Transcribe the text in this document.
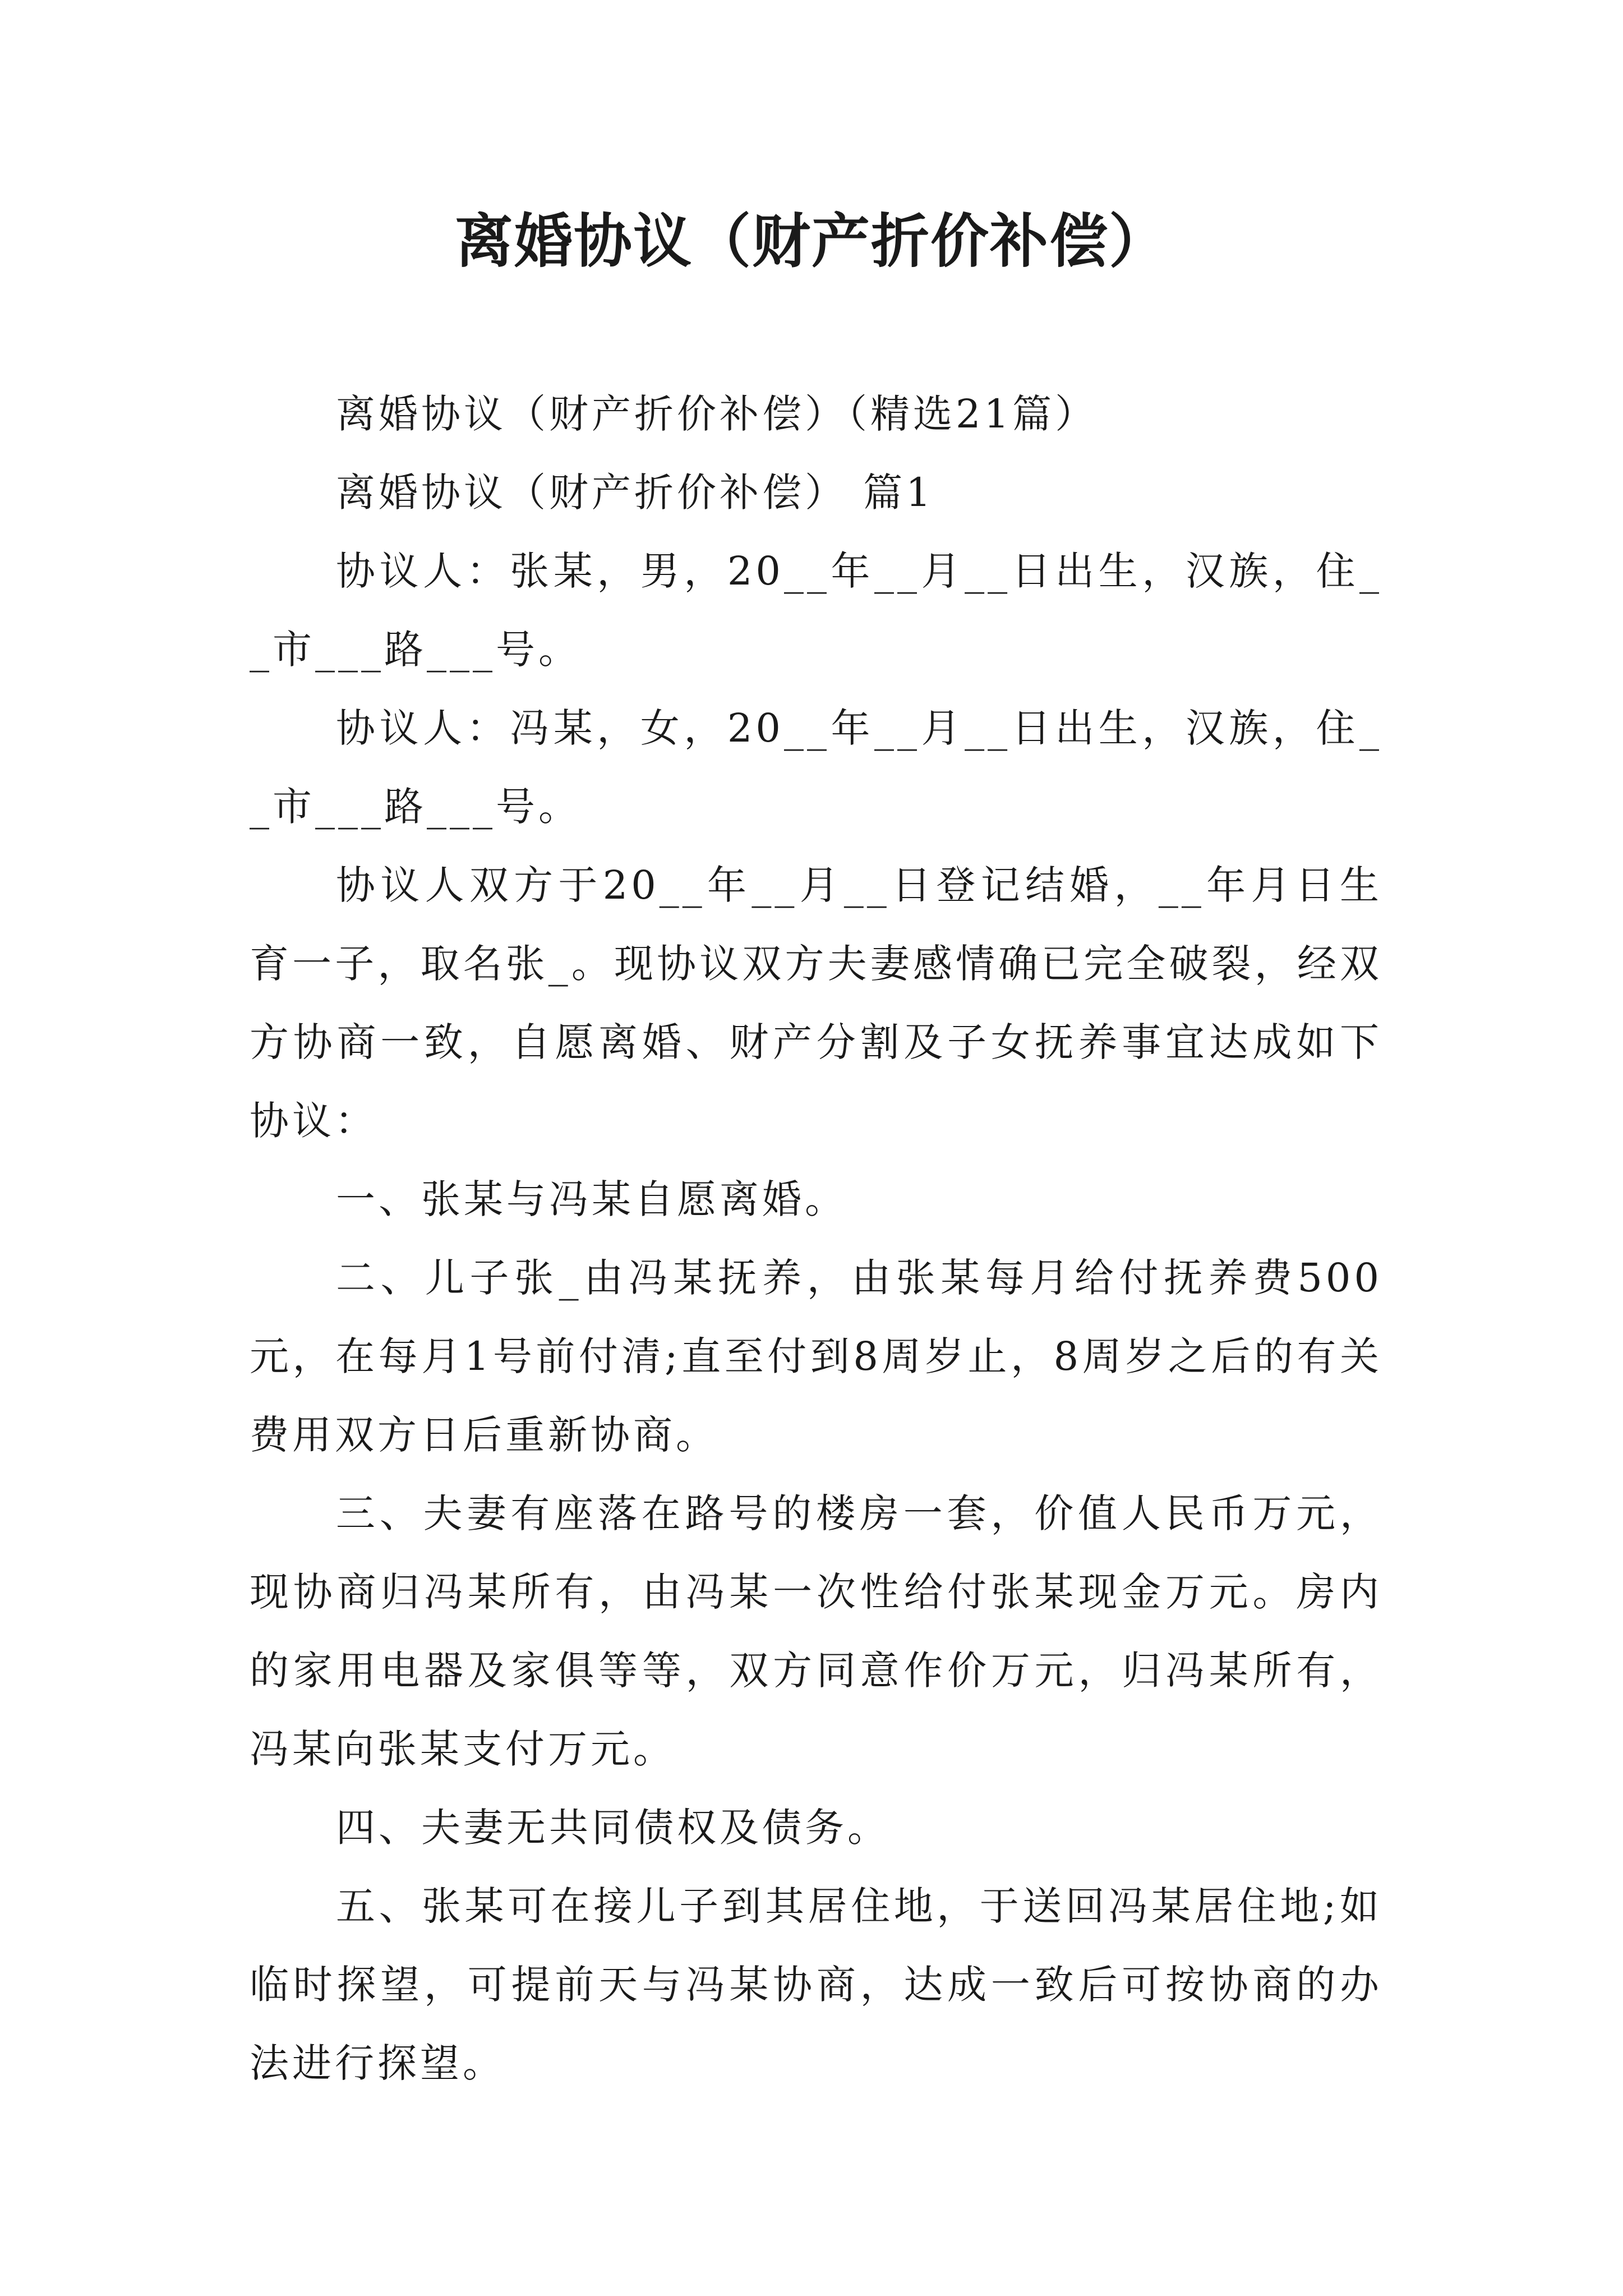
离婚协议（财产折价补偿）

离婚协议（财产折价补偿）（精选21篇）

离婚协议（财产折价补偿） 篇1

协议人：张某，男，20__年__月__日出生，汉族，住__市___路___号。

协议人：冯某，女，20__年__月__日出生，汉族，住__市___路___号。

协议人双方于20__年__月__日登记结婚，__年月日生育一子，取名张_。现协议双方夫妻感情确已完全破裂，经双方协商一致，自愿离婚、财产分割及子女抚养事宜达成如下协议：

一、张某与冯某自愿离婚。

二、儿子张_由冯某抚养，由张某每月给付抚养费500元，在每月1号前付清;直至付到8周岁止，8周岁之后的有关费用双方日后重新协商。

三、夫妻有座落在路号的楼房一套，价值人民币万元，现协商归冯某所有，由冯某一次性给付张某现金万元。房内的家用电器及家俱等等，双方同意作价万元，归冯某所有，冯某向张某支付万元。

四、夫妻无共同债权及债务。

五、张某可在接儿子到其居住地，于送回冯某居住地;如临时探望，可提前天与冯某协商，达成一致后可按协商的办法进行探望。
